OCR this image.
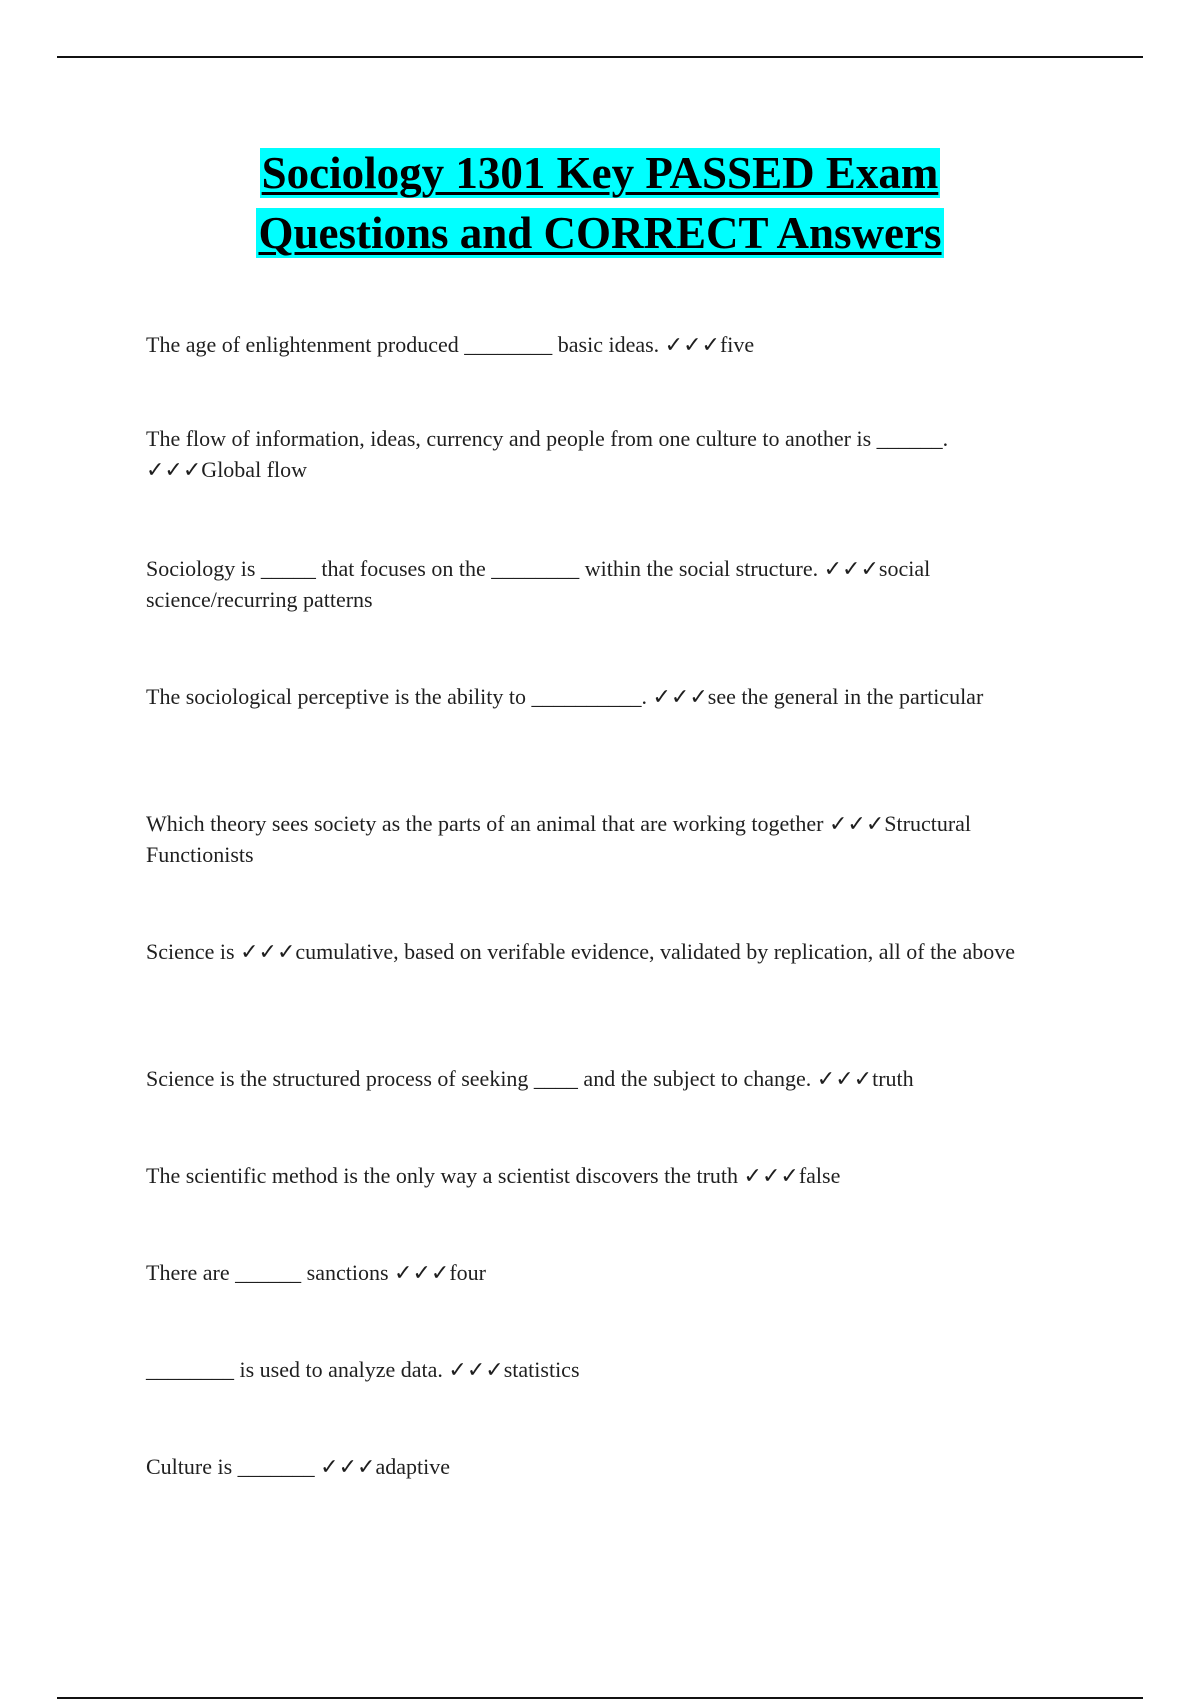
Sociology 1301 Key PASSED Exam
Questions and CORRECT Answers

The age of enlightenment produced ________ basic ideas. ✓✓✓five

The flow of information, ideas, currency and people from one culture to another is ______. ✓✓✓Global flow

Sociology is _____ that focuses on the ________ within the social structure. ✓✓✓social science/recurring patterns

The sociological perceptive is the ability to __________. ✓✓✓see the general in the particular

Which theory sees society as the parts of an animal that are working together ✓✓✓Structural Functionists

Science is ✓✓✓cumulative, based on verifable evidence, validated by replication, all of the above

Science is the structured process of seeking ____ and the subject to change. ✓✓✓truth

The scientific method is the only way a scientist discovers the truth ✓✓✓false

There are ______ sanctions ✓✓✓four

________ is used to analyze data. ✓✓✓statistics

Culture is _______ ✓✓✓adaptive
